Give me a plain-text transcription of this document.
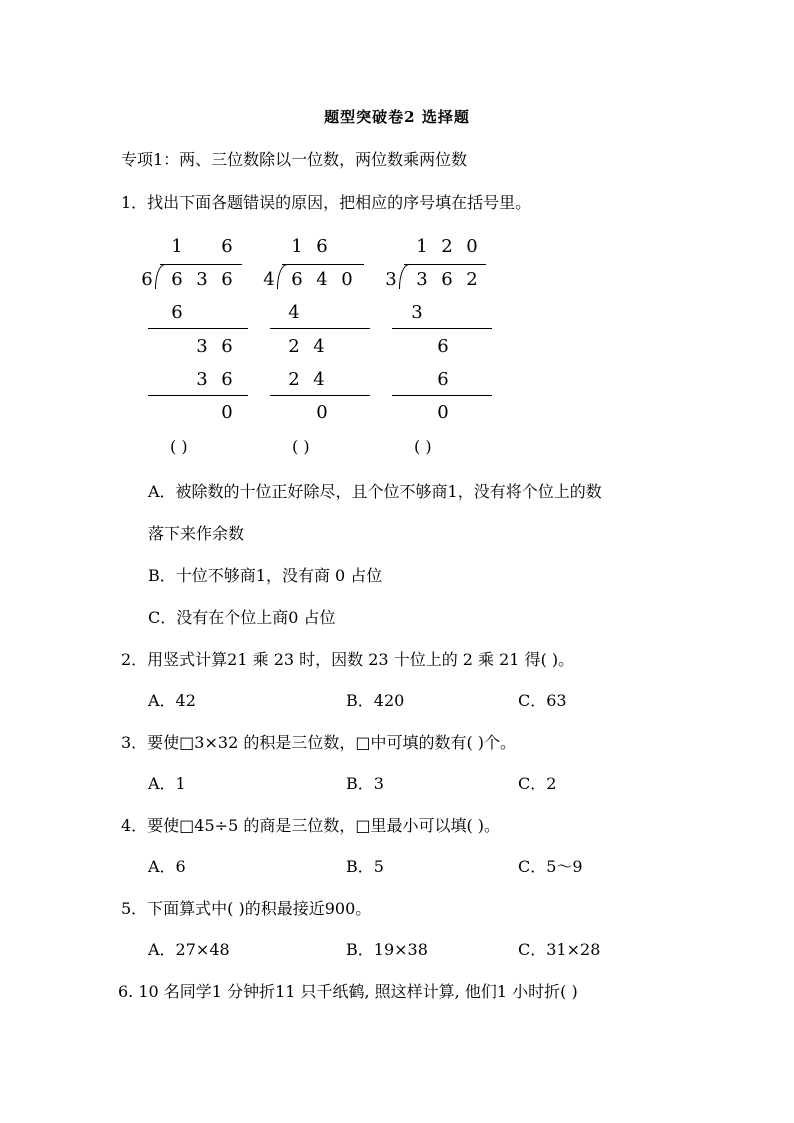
题型突破卷2 选择题
专项1：两、三位数除以一位数，两位数乘两位数
1．找出下面各题错误的原因，把相应的序号填在括号里。
1 6
6 6 3 6
6
3 6
3 6
0
( )
1 6
4 6 4 0
4
2 4
2 4
0
( )
1 2 0
3 3 6 2
3
6
6
0
( )
A．被除数的十位正好除尽，且个位不够商1，没有将个位上的数
落下来作余数
B．十位不够商1，没有商 0 占位
C．没有在个位上商0 占位
2．用竖式计算21 乘 23 时，因数 23 十位上的 2 乘 21 得( )。
A．42	B．420	C．63
3．要使□3×32 的积是三位数，□中可填的数有( )个。
A．1	B．3	C．2
4．要使□45÷5 的商是三位数，□里最小可以填( )。
A．6	B．5	C．5～9
5．下面算式中( )的积最接近900。
A．27×48	B．19×38	C．31×28
6. 10 名同学1 分钟折11 只千纸鹤, 照这样计算, 他们1 小时折( )
